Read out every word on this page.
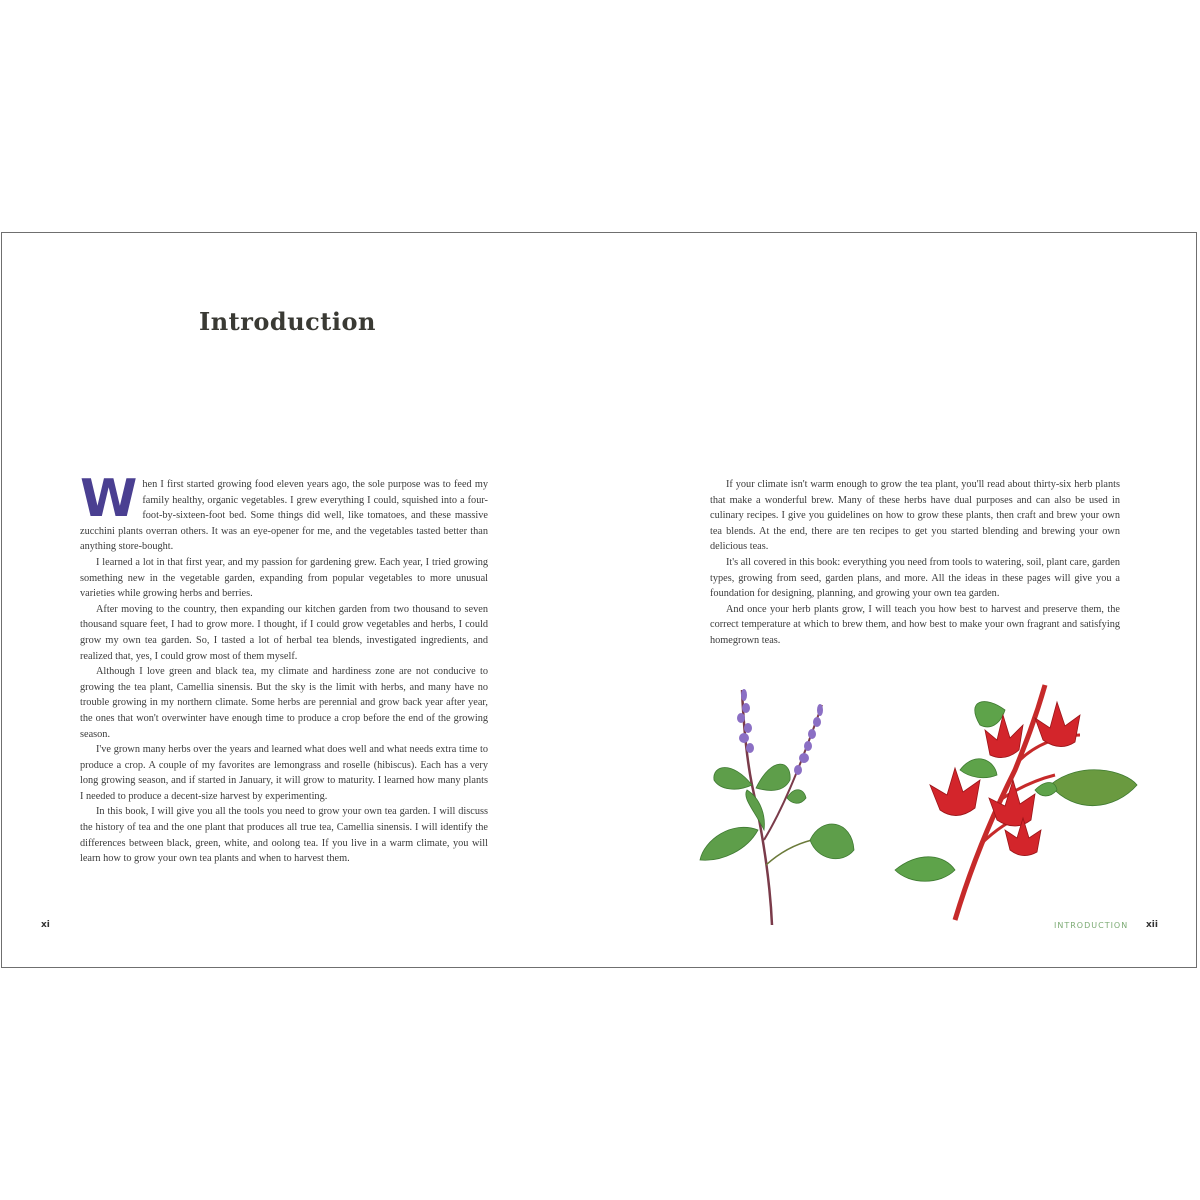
Introduction

When I first started growing food eleven years ago, the sole purpose was to feed my family healthy, organic vegetables. I grew everything I could, squished into a four-foot-by-sixteen-foot bed. Some things did well, like tomatoes, and these massive zucchini plants overran others. It was an eye-opener for me, and the vegetables tasted better than anything store-bought.

I learned a lot in that first year, and my passion for gardening grew. Each year, I tried growing something new in the vegetable garden, expanding from popular vegetables to more unusual varieties while growing herbs and berries.

After moving to the country, then expanding our kitchen garden from two thousand to seven thousand square feet, I had to grow more. I thought, if I could grow vegetables and herbs, I could grow my own tea garden. So, I tasted a lot of herbal tea blends, investigated ingredients, and realized that, yes, I could grow most of them myself.

Although I love green and black tea, my climate and hardiness zone are not conducive to growing the tea plant, Camellia sinensis. But the sky is the limit with herbs, and many have no trouble growing in my northern climate. Some herbs are perennial and grow back year after year, the ones that won't overwinter have enough time to produce a crop before the end of the growing season.

I've grown many herbs over the years and learned what does well and what needs extra time to produce a crop. A couple of my favorites are lemongrass and roselle (hibiscus). Each has a very long growing season, and if started in January, it will grow to maturity. I learned how many plants I needed to produce a decent-size harvest by experimenting.

In this book, I will give you all the tools you need to grow your own tea garden. I will discuss the history of tea and the one plant that produces all true tea, Camellia sinensis. I will identify the differences between black, green, white, and oolong tea. If you live in a warm climate, you will learn how to grow your own tea plants and when to harvest them.

If your climate isn't warm enough to grow the tea plant, you'll read about thirty-six herb plants that make a wonderful brew. Many of these herbs have dual purposes and can also be used in culinary recipes. I give you guidelines on how to grow these plants, then craft and brew your own tea blends. At the end, there are ten recipes to get you started blending and brewing your own delicious teas.

It's all covered in this book: everything you need from tools to watering, soil, plant care, garden types, growing from seed, garden plans, and more. All the ideas in these pages will give you a foundation for designing, planning, and growing your own tea garden.

And once your herb plants grow, I will teach you how best to harvest and preserve them, the correct temperature at which to brew them, and how best to make your own fragrant and satisfying homegrown teas.

INTRODUCTION
xi	xii
